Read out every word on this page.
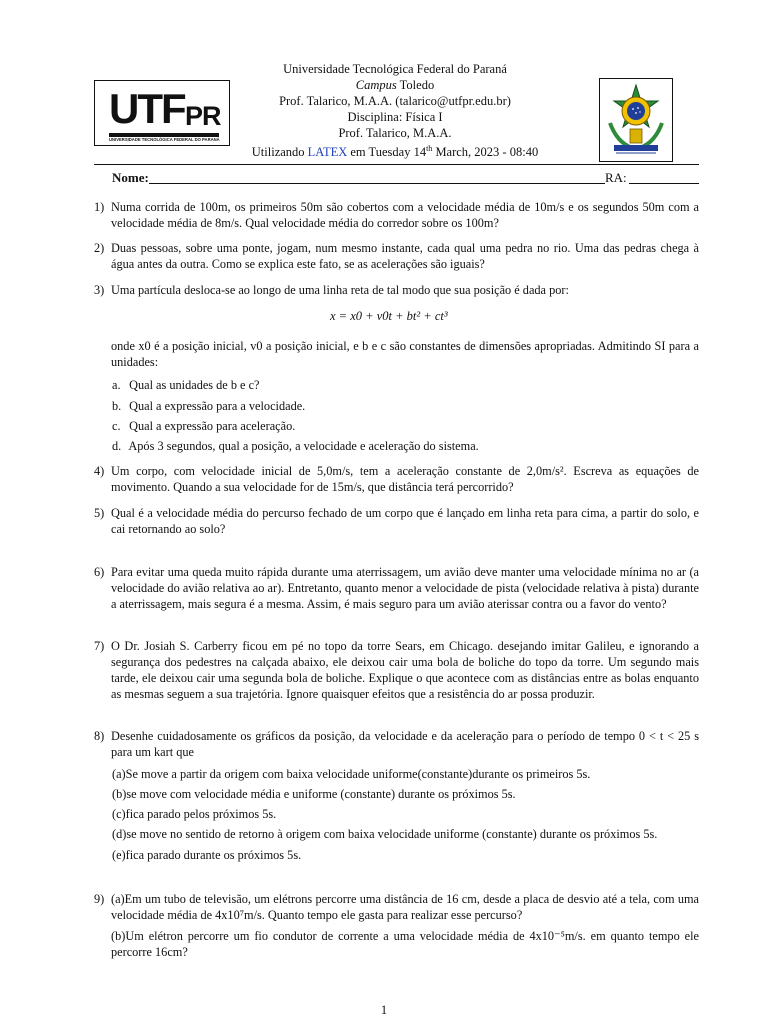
UTF PR
UNIVERSIDADE TECNOLÓGICA FEDERAL DO PARANÁ
Universidade Tecnológica Federal do Paraná
Campus Toledo
Prof. Talarico, M.A.A. (talarico@utfpr.edu.br)
Disciplina: Física I
Prof. Talarico, M.A.A.
Utilizando LATEX em Tuesday 14th March, 2023 - 08:40
Nome:	RA:
1) Numa corrida de 100m, os primeiros 50m são cobertos com a velocidade média de 10m/s e os segundos 50m com a velocidade média de 8m/s. Qual velocidade média do corredor sobre os 100m?
2) Duas pessoas, sobre uma ponte, jogam, num mesmo instante, cada qual uma pedra no rio. Uma das pedras chega à água antes da outra. Como se explica este fato, se as acelerações são iguais?
3) Uma partícula desloca-se ao longo de uma linha reta de tal modo que sua posição é dada por:
x = x0 + v0t + bt² + ct³
onde x0 é a posição inicial, v0 a posição inicial, e b e c são constantes de dimensões apropriadas. Admitindo SI para a unidades:
a. Qual as unidades de b e c?
b. Qual a expressão para a velocidade.
c. Qual a expressão para aceleração.
d. Após 3 segundos, qual a posição, a velocidade e aceleração do sistema.
4) Um corpo, com velocidade inicial de 5,0m/s, tem a aceleração constante de 2,0m/s². Escreva as equações de movimento. Quando a sua velocidade for de 15m/s, que distância terá percorrido?
5) Qual é a velocidade média do percurso fechado de um corpo que é lançado em linha reta para cima, a partir do solo, e cai retornando ao solo?
6) Para evitar uma queda muito rápida durante uma aterrissagem, um avião deve manter uma velocidade mínima no ar (a velocidade do avião relativa ao ar). Entretanto, quanto menor a velocidade de pista (velocidade relativa à pista) durante a aterrissagem, mais segura é a mesma. Assim, é mais seguro para um avião aterissar contra ou a favor do vento?
7) O Dr. Josiah S. Carberry ficou em pé no topo da torre Sears, em Chicago. desejando imitar Galileu, e ignorando a segurança dos pedestres na calçada abaixo, ele deixou cair uma bola de boliche do topo da torre. Um segundo mais tarde, ele deixou cair uma segunda bola de boliche. Explique o que acontece com as distâncias entre as bolas enquanto as mesmas seguem a sua trajetória. Ignore quaisquer efeitos que a resistência do ar possa produzir.
8) Desenhe cuidadosamente os gráficos da posição, da velocidade e da aceleração para o período de tempo 0 < t < 25 s para um kart que
(a)Se move a partir da origem com baixa velocidade uniforme(constante)durante os primeiros 5s.
(b)se move com velocidade média e uniforme (constante) durante os próximos 5s.
(c)fica parado pelos próximos 5s.
(d)se move no sentido de retorno à origem com baixa velocidade uniforme (constante) durante os próximos 5s.
(e)fica parado durante os próximos 5s.
9) (a)Em um tubo de televisão, um elétrons percorre uma distância de 16 cm, desde a placa de desvio até a tela, com uma velocidade média de 4x10⁷m/s. Quanto tempo ele gasta para realizar esse percurso?
(b)Um elétron percorre um fio condutor de corrente a uma velocidade média de 4x10⁻⁵m/s. em quanto tempo ele percorre 16cm?
1
